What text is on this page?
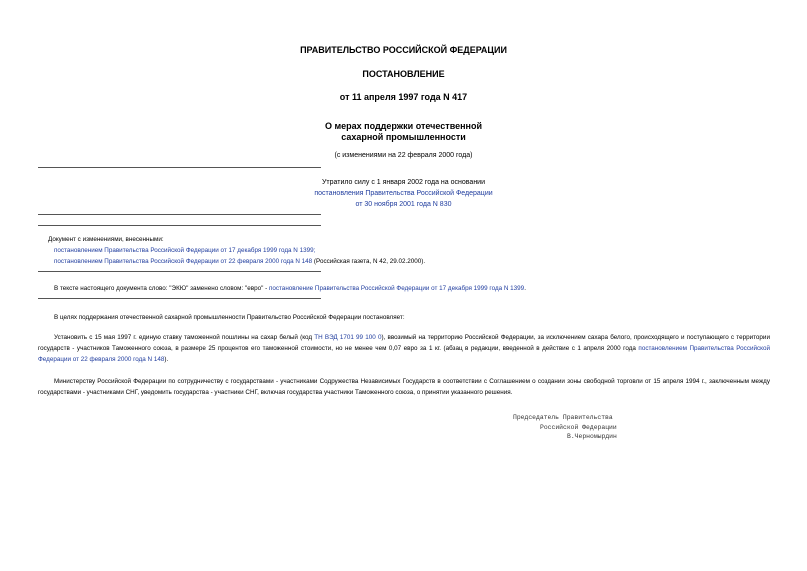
ПРАВИТЕЛЬСТВО РОССИЙСКОЙ ФЕДЕРАЦИИ
ПОСТАНОВЛЕНИЕ
от 11 апреля 1997 года N 417
О мерах поддержки отечественной
сахарной промышленности
(с изменениями на 22 февраля 2000 года)
Утратило силу с 1 января 2002 года на основании
постановления Правительства Российской Федерации
от 30 ноября 2001 года N 830
Документ с изменениями, внесенными:
постановлением Правительства Российской Федерации от 17 декабря 1999 года N 1399;
постановлением Правительства Российской Федерации от 22 февраля 2000 года N 148 (Российская газета, N 42, 29.02.2000).
В тексте настоящего документа слово: "ЭКЮ" заменено словом: "евро" - постановление Правительства Российской Федерации от 17 декабря 1999 года N 1399.
В целях поддержания отечественной сахарной промышленности Правительство Российской Федерации постановляет:
Установить с 15 мая 1997 г. единую ставку таможенной пошлины на сахар белый (код ТН ВЭД 1701 99 100 0), ввозимый на территорию Российской Федерации, за исключением сахара белого, происходящего и поступающего с территории государств - участников Таможенного союза, в размере 25 процентов его таможенной стоимости, но не менее чем 0,07 евро за 1 кг. (абзац в редакции, введенной в действие с 1 апреля 2000 года постановлением Правительства Российской Федерации от 22 февраля 2000 года N 148).
Министерству Российской Федерации по сотрудничеству с государствами - участниками Содружества Независимых Государств в соответствии с Соглашением о создании зоны свободной торговли от 15 апреля 1994 г., заключенным между государствами - участниками СНГ, уведомить государства - участники СНГ, включая государства участники Таможенного союза, о принятии указанного решения.
Председатель Правительства
Российской Федерации
В.Черномырдин
